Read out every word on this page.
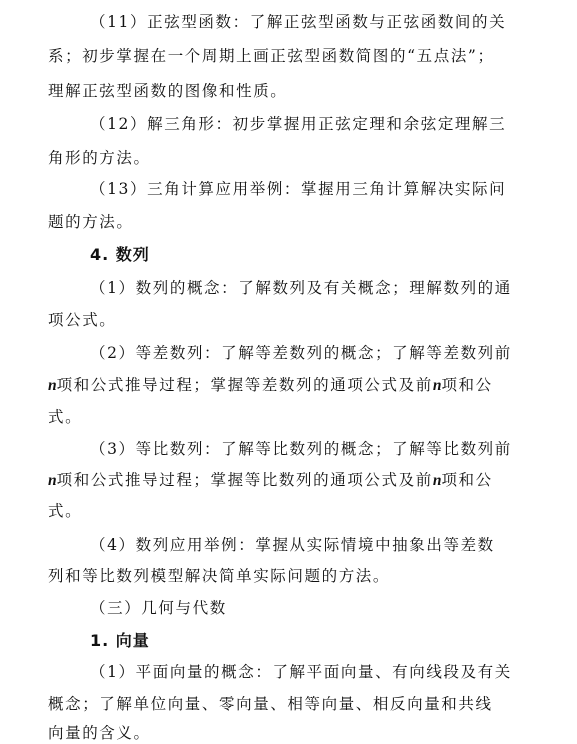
（11）正弦型函数：了解正弦型函数与正弦函数间的关
系；初步掌握在一个周期上画正弦型函数简图的“五点法”；
理解正弦型函数的图像和性质。
（12）解三角形：初步掌握用正弦定理和余弦定理解三
角形的方法。
（13）三角计算应用举例：掌握用三角计算解决实际问
题的方法。
4. 数列
（1）数列的概念：了解数列及有关概念；理解数列的通
项公式。
（2）等差数列：了解等差数列的概念；了解等差数列前
n项和公式推导过程；掌握等差数列的通项公式及前n项和公
式。
（3）等比数列：了解等比数列的概念；了解等比数列前
n项和公式推导过程；掌握等比数列的通项公式及前n项和公
式。
（4）数列应用举例：掌握从实际情境中抽象出等差数
列和等比数列模型解决简单实际问题的方法。
（三）几何与代数
1. 向量
（1）平面向量的概念：了解平面向量、有向线段及有关
概念；了解单位向量、零向量、相等向量、相反向量和共线
向量的含义。
